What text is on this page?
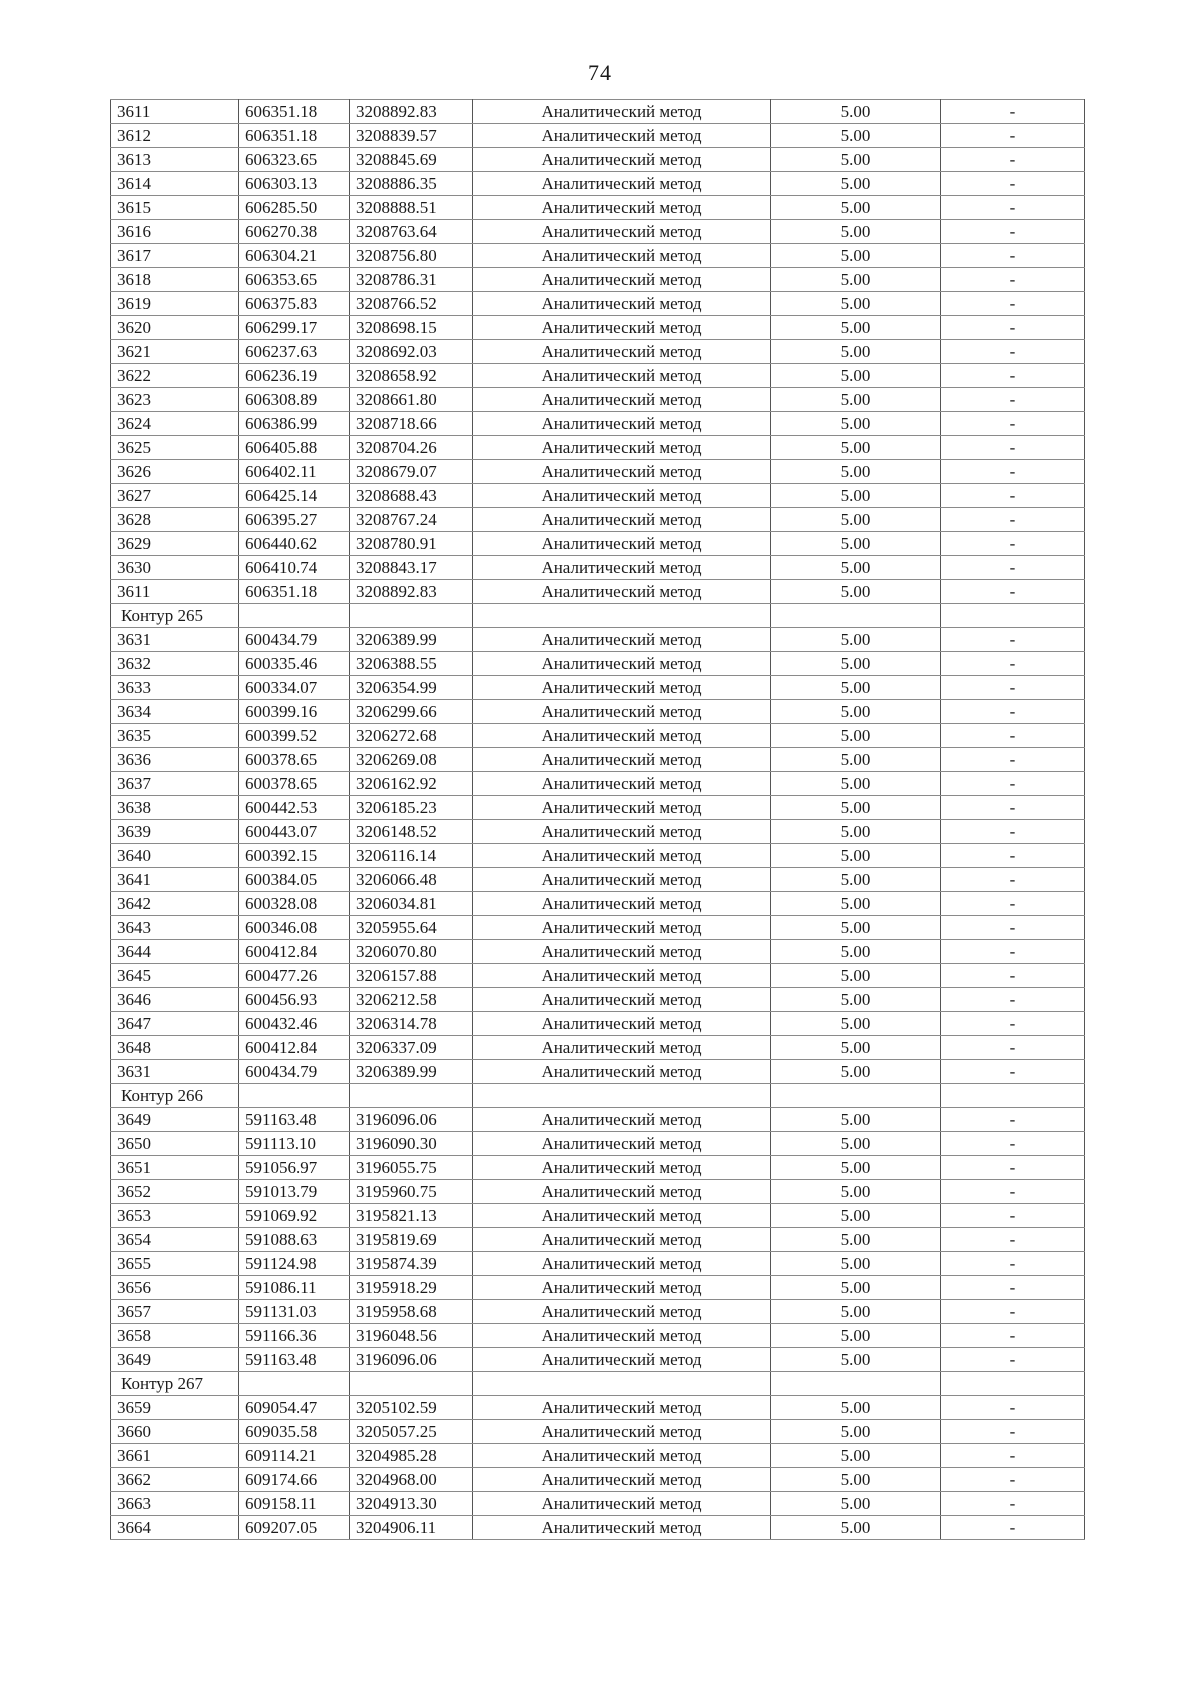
74
3611	606351.18	3208892.83	Аналитический метод	5.00	-
3612	606351.18	3208839.57	Аналитический метод	5.00	-
3613	606323.65	3208845.69	Аналитический метод	5.00	-
3614	606303.13	3208886.35	Аналитический метод	5.00	-
3615	606285.50	3208888.51	Аналитический метод	5.00	-
3616	606270.38	3208763.64	Аналитический метод	5.00	-
3617	606304.21	3208756.80	Аналитический метод	5.00	-
3618	606353.65	3208786.31	Аналитический метод	5.00	-
3619	606375.83	3208766.52	Аналитический метод	5.00	-
3620	606299.17	3208698.15	Аналитический метод	5.00	-
3621	606237.63	3208692.03	Аналитический метод	5.00	-
3622	606236.19	3208658.92	Аналитический метод	5.00	-
3623	606308.89	3208661.80	Аналитический метод	5.00	-
3624	606386.99	3208718.66	Аналитический метод	5.00	-
3625	606405.88	3208704.26	Аналитический метод	5.00	-
3626	606402.11	3208679.07	Аналитический метод	5.00	-
3627	606425.14	3208688.43	Аналитический метод	5.00	-
3628	606395.27	3208767.24	Аналитический метод	5.00	-
3629	606440.62	3208780.91	Аналитический метод	5.00	-
3630	606410.74	3208843.17	Аналитический метод	5.00	-
3611	606351.18	3208892.83	Аналитический метод	5.00	-
Контур 265					
3631	600434.79	3206389.99	Аналитический метод	5.00	-
3632	600335.46	3206388.55	Аналитический метод	5.00	-
3633	600334.07	3206354.99	Аналитический метод	5.00	-
3634	600399.16	3206299.66	Аналитический метод	5.00	-
3635	600399.52	3206272.68	Аналитический метод	5.00	-
3636	600378.65	3206269.08	Аналитический метод	5.00	-
3637	600378.65	3206162.92	Аналитический метод	5.00	-
3638	600442.53	3206185.23	Аналитический метод	5.00	-
3639	600443.07	3206148.52	Аналитический метод	5.00	-
3640	600392.15	3206116.14	Аналитический метод	5.00	-
3641	600384.05	3206066.48	Аналитический метод	5.00	-
3642	600328.08	3206034.81	Аналитический метод	5.00	-
3643	600346.08	3205955.64	Аналитический метод	5.00	-
3644	600412.84	3206070.80	Аналитический метод	5.00	-
3645	600477.26	3206157.88	Аналитический метод	5.00	-
3646	600456.93	3206212.58	Аналитический метод	5.00	-
3647	600432.46	3206314.78	Аналитический метод	5.00	-
3648	600412.84	3206337.09	Аналитический метод	5.00	-
3631	600434.79	3206389.99	Аналитический метод	5.00	-
Контур 266					
3649	591163.48	3196096.06	Аналитический метод	5.00	-
3650	591113.10	3196090.30	Аналитический метод	5.00	-
3651	591056.97	3196055.75	Аналитический метод	5.00	-
3652	591013.79	3195960.75	Аналитический метод	5.00	-
3653	591069.92	3195821.13	Аналитический метод	5.00	-
3654	591088.63	3195819.69	Аналитический метод	5.00	-
3655	591124.98	3195874.39	Аналитический метод	5.00	-
3656	591086.11	3195918.29	Аналитический метод	5.00	-
3657	591131.03	3195958.68	Аналитический метод	5.00	-
3658	591166.36	3196048.56	Аналитический метод	5.00	-
3649	591163.48	3196096.06	Аналитический метод	5.00	-
Контур 267					
3659	609054.47	3205102.59	Аналитический метод	5.00	-
3660	609035.58	3205057.25	Аналитический метод	5.00	-
3661	609114.21	3204985.28	Аналитический метод	5.00	-
3662	609174.66	3204968.00	Аналитический метод	5.00	-
3663	609158.11	3204913.30	Аналитический метод	5.00	-
3664	609207.05	3204906.11	Аналитический метод	5.00	-
